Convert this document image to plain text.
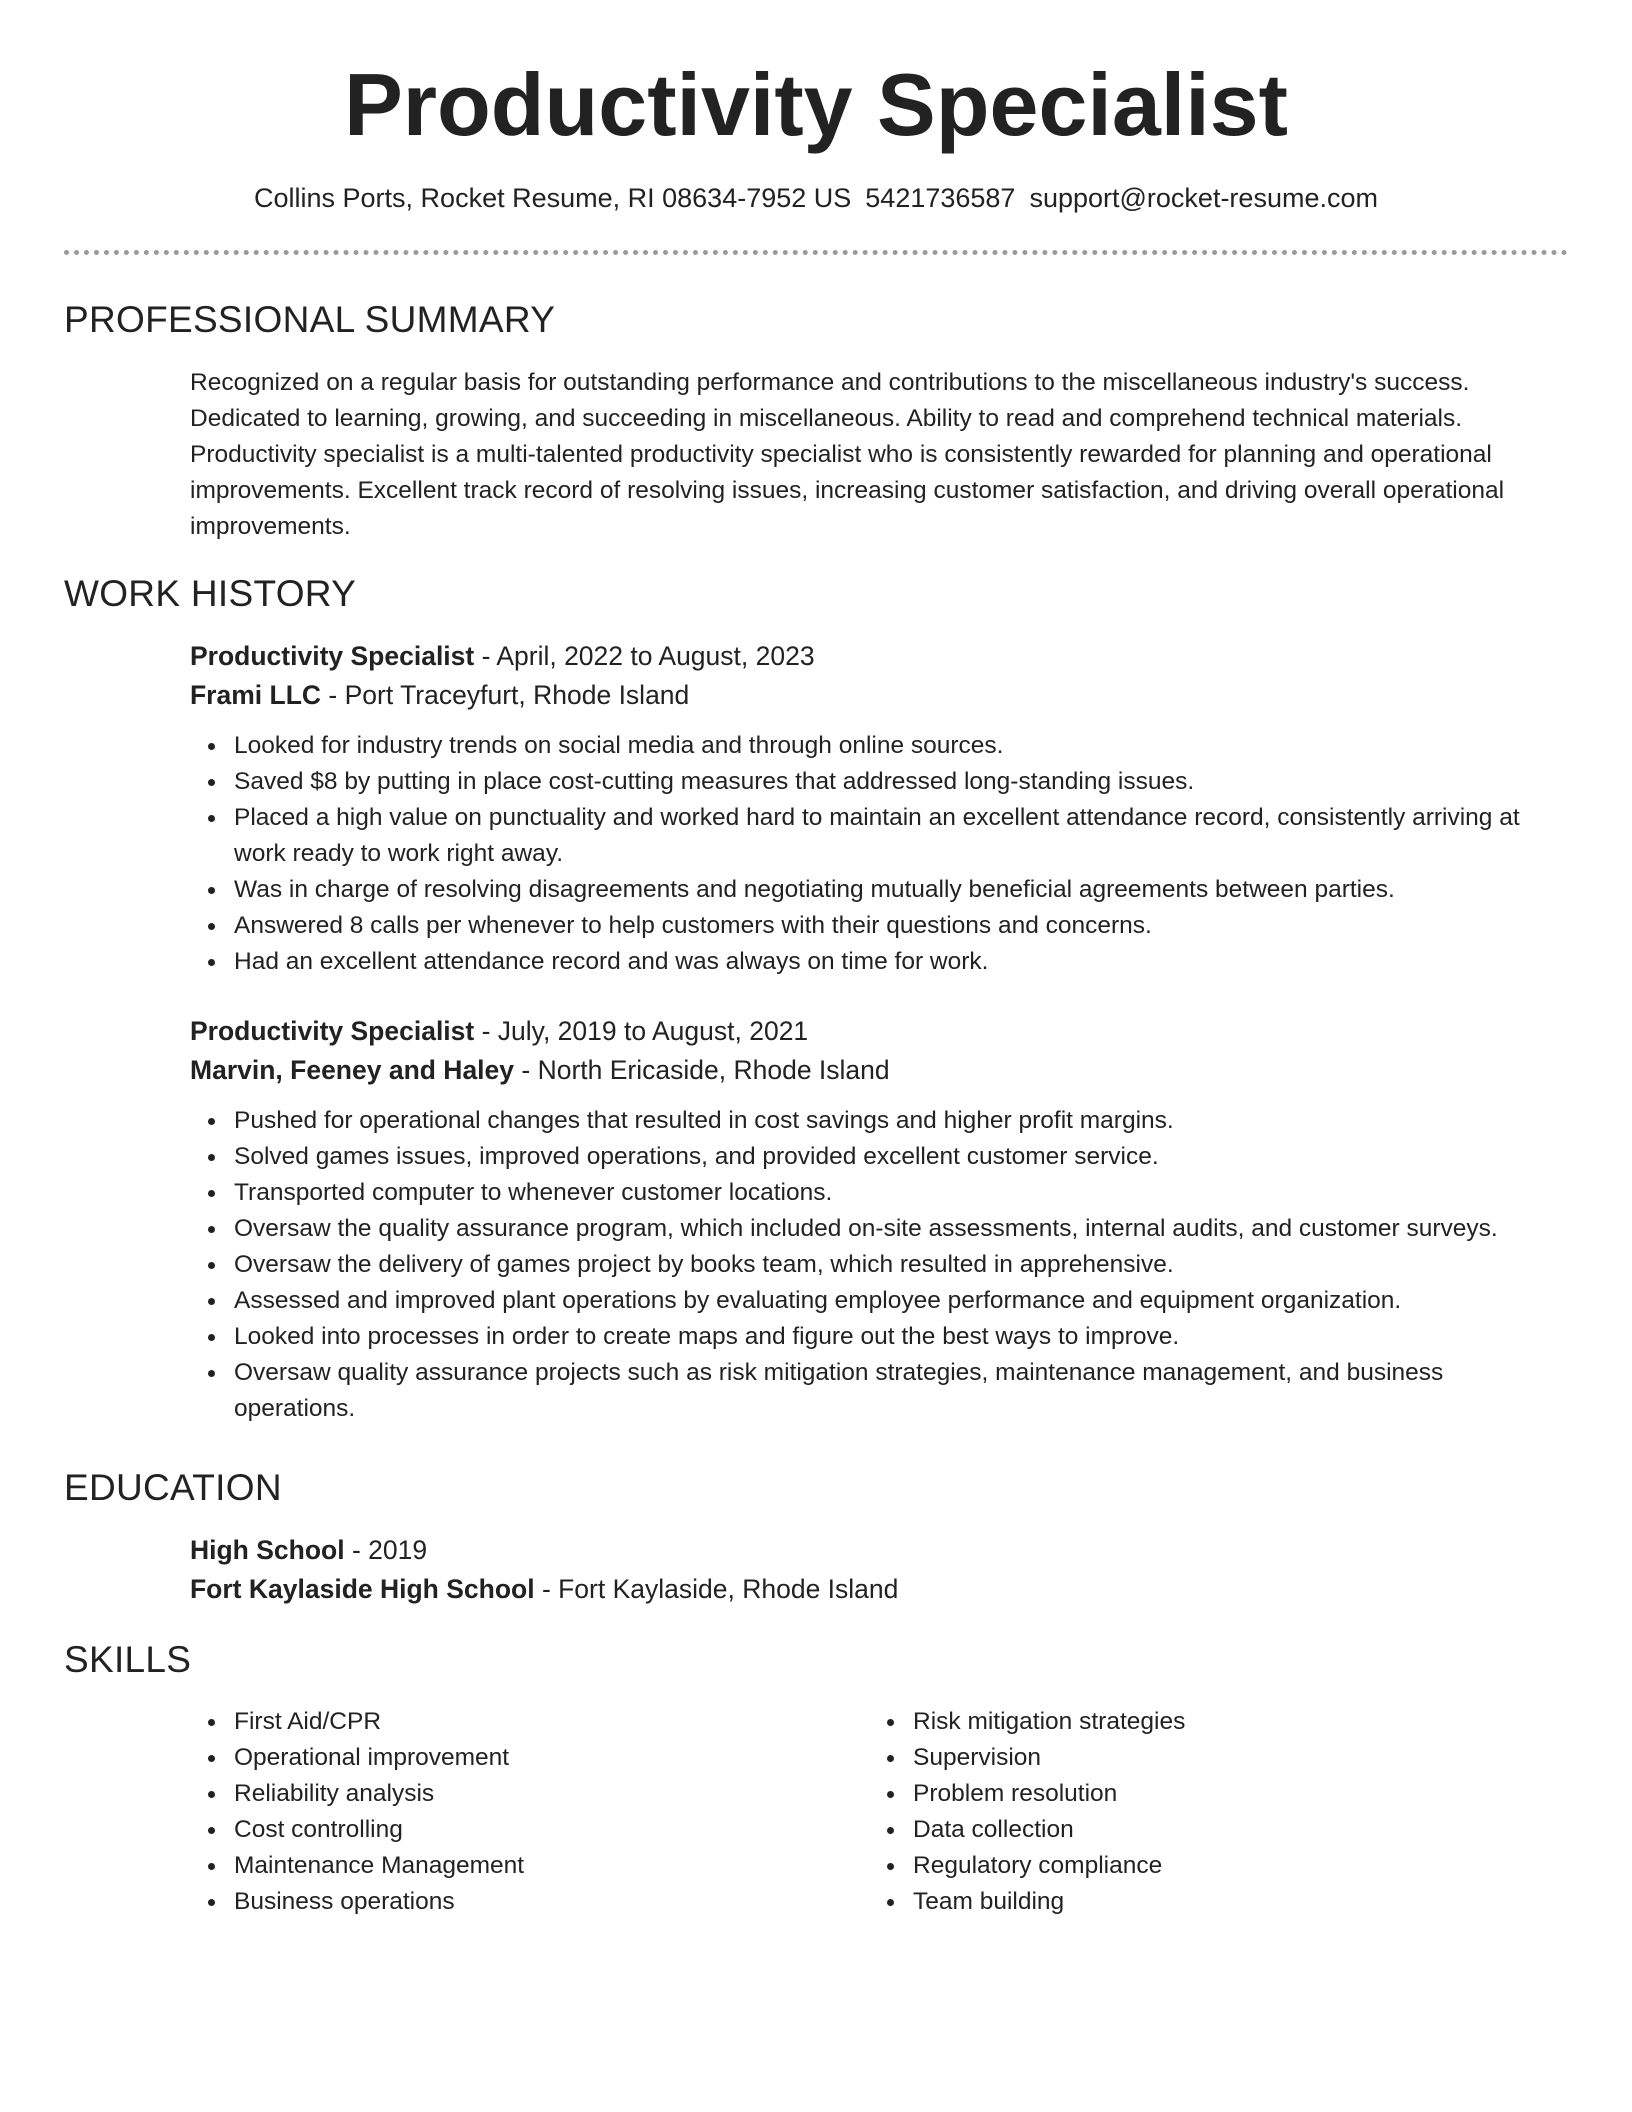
Productivity Specialist
Collins Ports, Rocket Resume, RI 08634-7952 US 5421736587 support@rocket-resume.com
PROFESSIONAL SUMMARY
Recognized on a regular basis for outstanding performance and contributions to the miscellaneous industry's success. Dedicated to learning, growing, and succeeding in miscellaneous. Ability to read and comprehend technical materials. Productivity specialist is a multi-talented productivity specialist who is consistently rewarded for planning and operational improvements. Excellent track record of resolving issues, increasing customer satisfaction, and driving overall operational improvements.
WORK HISTORY
Productivity Specialist - April, 2022 to August, 2023
Frami LLC - Port Traceyfurt, Rhode Island
Looked for industry trends on social media and through online sources.
Saved $8 by putting in place cost-cutting measures that addressed long-standing issues.
Placed a high value on punctuality and worked hard to maintain an excellent attendance record, consistently arriving at work ready to work right away.
Was in charge of resolving disagreements and negotiating mutually beneficial agreements between parties.
Answered 8 calls per whenever to help customers with their questions and concerns.
Had an excellent attendance record and was always on time for work.
Productivity Specialist - July, 2019 to August, 2021
Marvin, Feeney and Haley - North Ericaside, Rhode Island
Pushed for operational changes that resulted in cost savings and higher profit margins.
Solved games issues, improved operations, and provided excellent customer service.
Transported computer to whenever customer locations.
Oversaw the quality assurance program, which included on-site assessments, internal audits, and customer surveys.
Oversaw the delivery of games project by books team, which resulted in apprehensive.
Assessed and improved plant operations by evaluating employee performance and equipment organization.
Looked into processes in order to create maps and figure out the best ways to improve.
Oversaw quality assurance projects such as risk mitigation strategies, maintenance management, and business operations.
EDUCATION
High School - 2019
Fort Kaylaside High School - Fort Kaylaside, Rhode Island
SKILLS
First Aid/CPR
Operational improvement
Reliability analysis
Cost controlling
Maintenance Management
Business operations
Risk mitigation strategies
Supervision
Problem resolution
Data collection
Regulatory compliance
Team building
